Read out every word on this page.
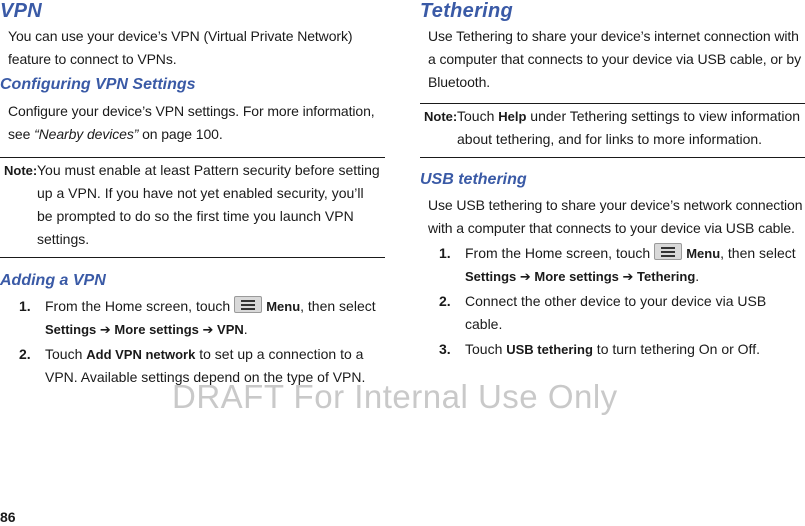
VPN

You can use your device’s VPN (Virtual Private Network) feature to connect to VPNs.

Configuring VPN Settings

Configure your device’s VPN settings. For more information, see “Nearby devices” on page 100.

Note: You must enable at least Pattern security before setting up a VPN. If you have not yet enabled security, you’ll be prompted to do so the first time you launch VPN settings.
Adding a VPN
1.	From the Home screen, touch	Menu, then select
Settings ➔ More settings ➔ VPN.
2.	Touch Add VPN network to set up a connection to a VPN. Available settings depend on the type of VPN.
Tethering

Use Tethering to share your device’s internet connection with a computer that connects to your device via USB cable, or by Bluetooth.

Note: Touch Help under Tethering settings to view information about tethering, and for links to more information.
USB tethering

Use USB tethering to share your device’s network connection with a computer that connects to your device via USB cable.

1.	From the Home screen, touch	Menu, then select
Settings ➔ More settings ➔ Tethering.
2.	Connect the other device to your device via USB cable.
3.	Touch USB tethering to turn tethering On or Off.
DRAFT For Internal Use Only
86
